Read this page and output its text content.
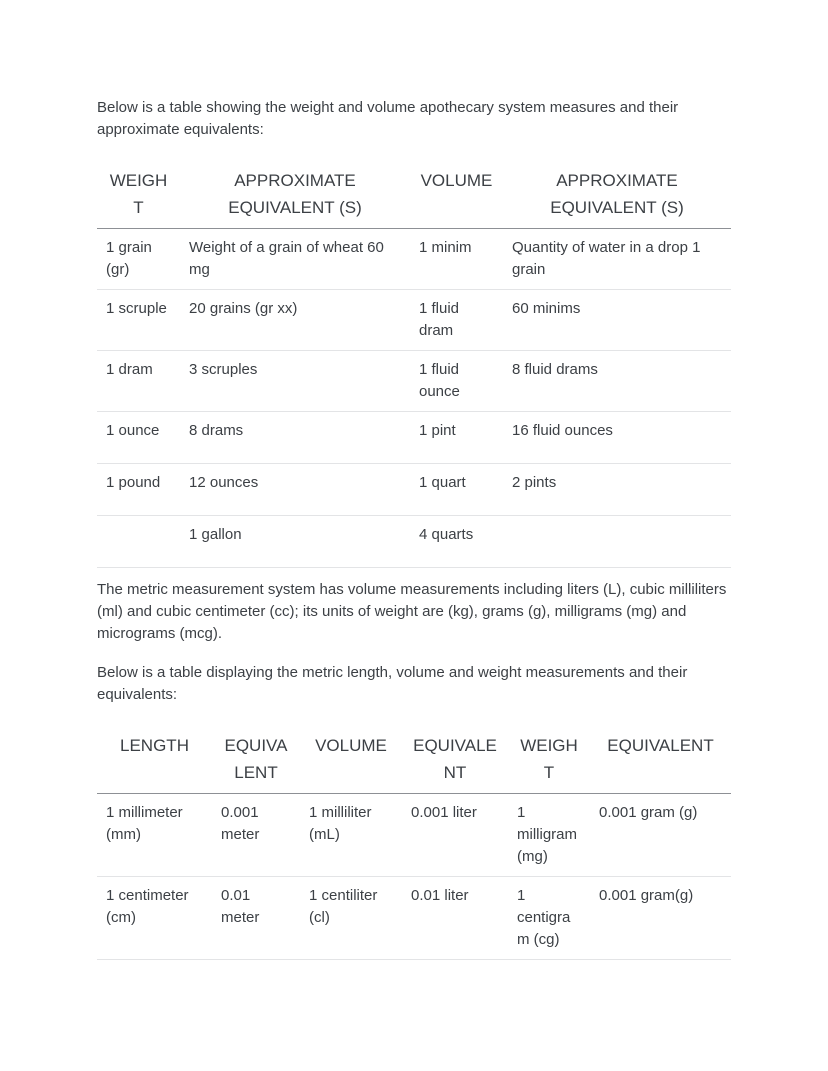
Below is a table showing the weight and volume apothecary system measures and their approximate equivalents:

WEIGHT	APPROXIMATE EQUIVALENT (S)	VOLUME	APPROXIMATE EQUIVALENT (S)
1 grain (gr)	Weight of a grain of wheat 60 mg	1 minim	Quantity of water in a drop 1 grain
1 scruple	20 grains (gr xx)	1 fluid dram	60 minims
1 dram	3 scruples	1 fluid ounce	8 fluid drams
1 ounce	8 drams	1 pint	16 fluid ounces
1 pound	12 ounces	1 quart	2 pints
	1 gallon	4 quarts	

The metric measurement system has volume measurements including liters (L), cubic milliliters (ml) and cubic centimeter (cc); its units of weight are (kg), grams (g), milligrams (mg) and micrograms (mcg).

Below is a table displaying the metric length, volume and weight measurements and their equivalents:

LENGTH	EQUIVALENT	VOLUME	EQUIVALENT	WEIGHT	EQUIVALENT
1 millimeter (mm)	0.001 meter	1 milliliter (mL)	0.001 liter	1 milligram (mg)	0.001 gram (g)
1 centimeter (cm)	0.01 meter	1 centiliter (cl)	0.01 liter	1 centigram (cg)	0.001 gram(g)
